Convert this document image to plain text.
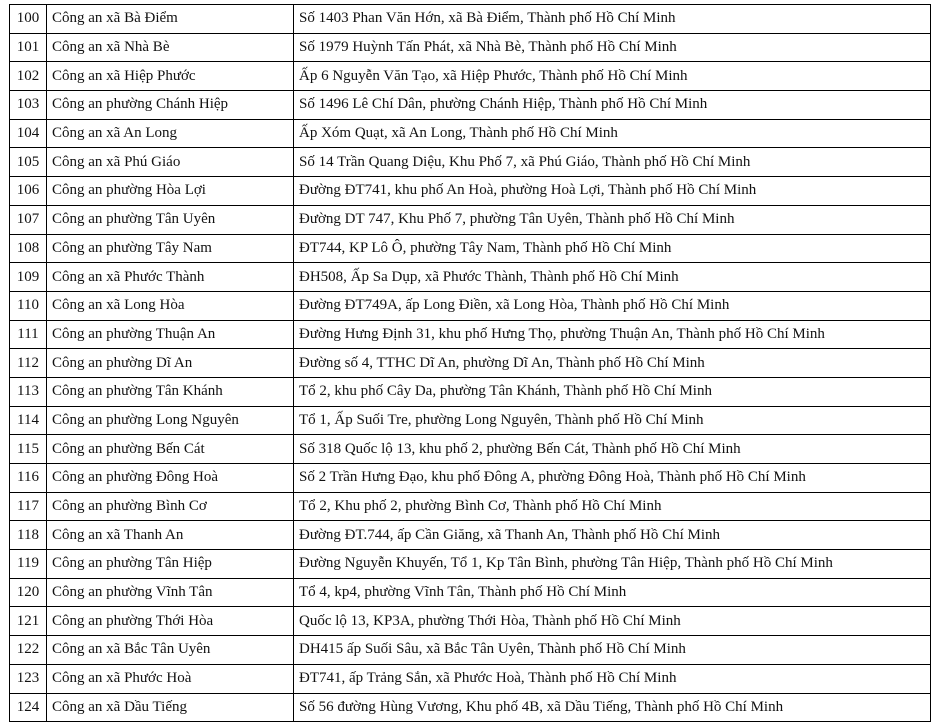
100	Công an xã Bà Điểm	Số 1403 Phan Văn Hớn, xã Bà Điểm, Thành phố Hồ Chí Minh
101	Công an xã Nhà Bè	Số 1979 Huỳnh Tấn Phát, xã Nhà Bè, Thành phố Hồ Chí Minh
102	Công an xã Hiệp Phước	Ấp 6 Nguyễn Văn Tạo, xã Hiệp Phước, Thành phố Hồ Chí Minh
103	Công an phường Chánh Hiệp	Số 1496 Lê Chí Dân, phường Chánh Hiệp, Thành phố Hồ Chí Minh
104	Công an xã An Long	Ấp Xóm Quạt, xã An Long, Thành phố Hồ Chí Minh
105	Công an xã Phú Giáo	Số 14 Trần Quang Diệu, Khu Phố 7, xã Phú Giáo, Thành phố Hồ Chí Minh
106	Công an phường Hòa Lợi	Đường ĐT741, khu phố An Hoà, phường Hoà Lợi, Thành phố Hồ Chí Minh
107	Công an phường Tân Uyên	Đường DT 747, Khu Phố 7, phường Tân Uyên, Thành phố Hồ Chí Minh
108	Công an phường Tây Nam	ĐT744, KP Lô Ô, phường Tây Nam, Thành phố Hồ Chí Minh
109	Công an xã Phước Thành	ĐH508, Ấp Sa Dụp, xã Phước Thành, Thành phố Hồ Chí Minh
110	Công an xã Long Hòa	Đường ĐT749A, ấp Long Điền, xã Long Hòa, Thành phố Hồ Chí Minh
111	Công an phường Thuận An	Đường Hưng Định 31, khu phố Hưng Thọ, phường Thuận An, Thành phố Hồ Chí Minh
112	Công an phường Dĩ An	Đường số 4, TTHC Dĩ An, phường Dĩ An, Thành phố Hồ Chí Minh
113	Công an phường Tân Khánh	Tổ 2, khu phố Cây Da, phường Tân Khánh, Thành phố Hồ Chí Minh
114	Công an phường Long Nguyên	Tổ 1, Ấp Suối Tre, phường Long Nguyên, Thành phố Hồ Chí Minh
115	Công an phường Bến Cát	Số 318 Quốc lộ 13, khu phố 2, phường Bến Cát, Thành phố Hồ Chí Minh
116	Công an phường Đông Hoà	Số 2 Trần Hưng Đạo, khu phố Đông A, phường Đông Hoà, Thành phố Hồ Chí Minh
117	Công an phường Bình Cơ	Tổ 2, Khu phố 2, phường Bình Cơ, Thành phố Hồ Chí Minh
118	Công an xã Thanh An	Đường ĐT.744, ấp Cần Giăng, xã Thanh An, Thành phố Hồ Chí Minh
119	Công an phường Tân Hiệp	Đường Nguyễn Khuyến, Tổ 1, Kp Tân Bình, phường Tân Hiệp, Thành phố Hồ Chí Minh
120	Công an phường Vĩnh Tân	Tổ 4, kp4, phường Vĩnh Tân, Thành phố Hồ Chí Minh
121	Công an phường Thới Hòa	Quốc lộ 13, KP3A, phường Thới Hòa, Thành phố Hồ Chí Minh
122	Công an xã Bắc Tân Uyên	DH415 ấp Suối Sâu, xã Bắc Tân Uyên, Thành phố Hồ Chí Minh
123	Công an xã Phước Hoà	ĐT741, ấp Trảng Sắn, xã Phước Hoà, Thành phố Hồ Chí Minh
124	Công an xã Dầu Tiếng	Số 56 đường Hùng Vương, Khu phố 4B, xã Dầu Tiếng, Thành phố Hồ Chí Minh
